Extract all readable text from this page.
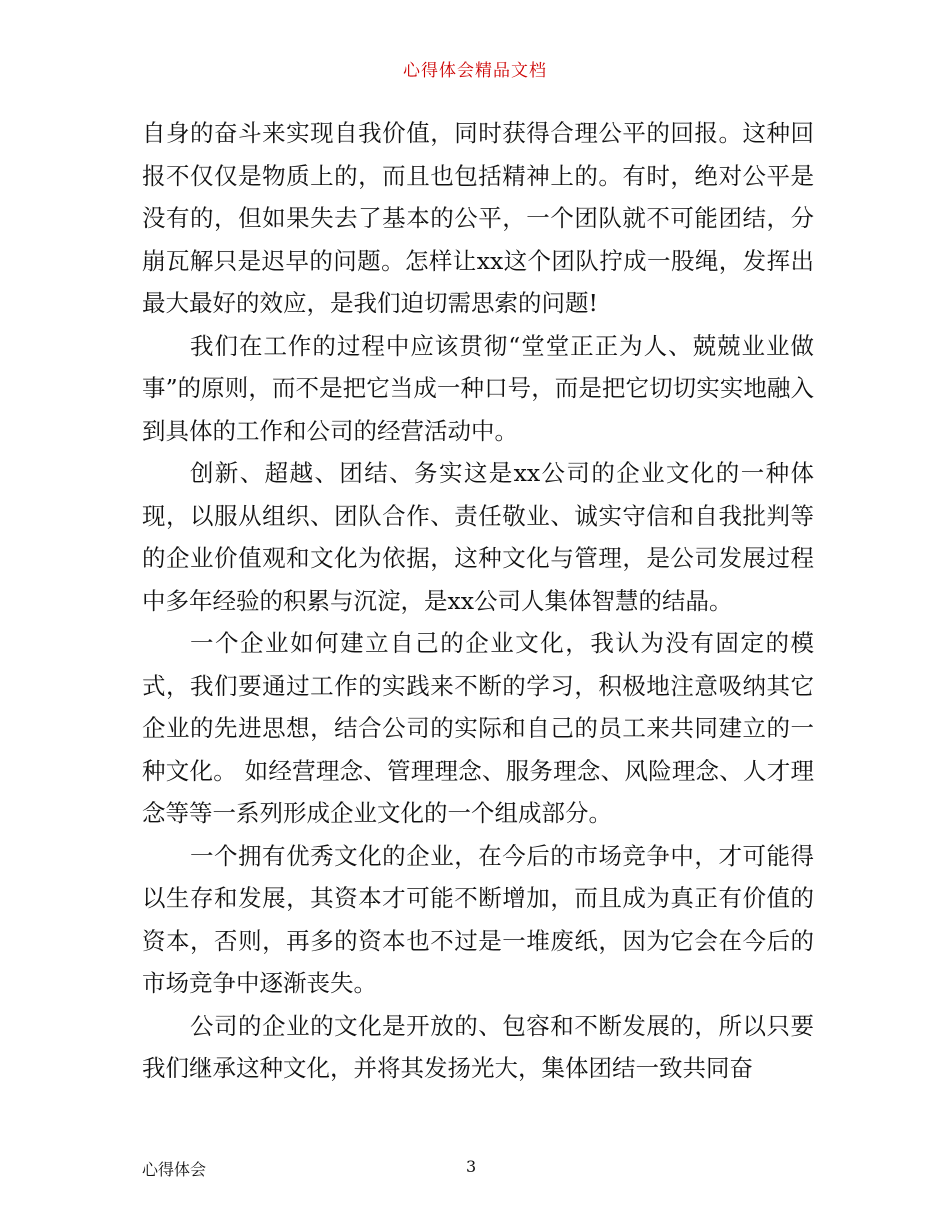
心得体会精品文档

自身的奋斗来实现自我价值，同时获得合理公平的回报。这种回报不仅仅是物质上的，而且也包括精神上的。有时，绝对公平是没有的，但如果失去了基本的公平，一个团队就不可能团结，分崩瓦解只是迟早的问题。怎样让xx这个团队拧成一股绳，发挥出最大最好的效应，是我们迫切需思索的问题!

我们在工作的过程中应该贯彻“堂堂正正为人、兢兢业业做事”的原则，而不是把它当成一种口号，而是把它切切实实地融入到具体的工作和公司的经营活动中。

创新、超越、团结、务实这是xx公司的企业文化的一种体现，以服从组织、团队合作、责任敬业、诚实守信和自我批判等的企业价值观和文化为依据，这种文化与管理，是公司发展过程中多年经验的积累与沉淀，是xx公司人集体智慧的结晶。

一个企业如何建立自己的企业文化，我认为没有固定的模式，我们要通过工作的实践来不断的学习，积极地注意吸纳其它企业的先进思想，结合公司的实际和自己的员工来共同建立的一种文化。 如经营理念、管理理念、服务理念、风险理念、人才理念等等一系列形成企业文化的一个组成部分。

一个拥有优秀文化的企业，在今后的市场竞争中，才可能得以生存和发展，其资本才可能不断增加，而且成为真正有价值的资本，否则，再多的资本也不过是一堆废纸，因为它会在今后的市场竞争中逐渐丧失。

公司的企业的文化是开放的、包容和不断发展的，所以只要我们继承这种文化，并将其发扬光大，集体团结一致共同奋

心得体会	3
